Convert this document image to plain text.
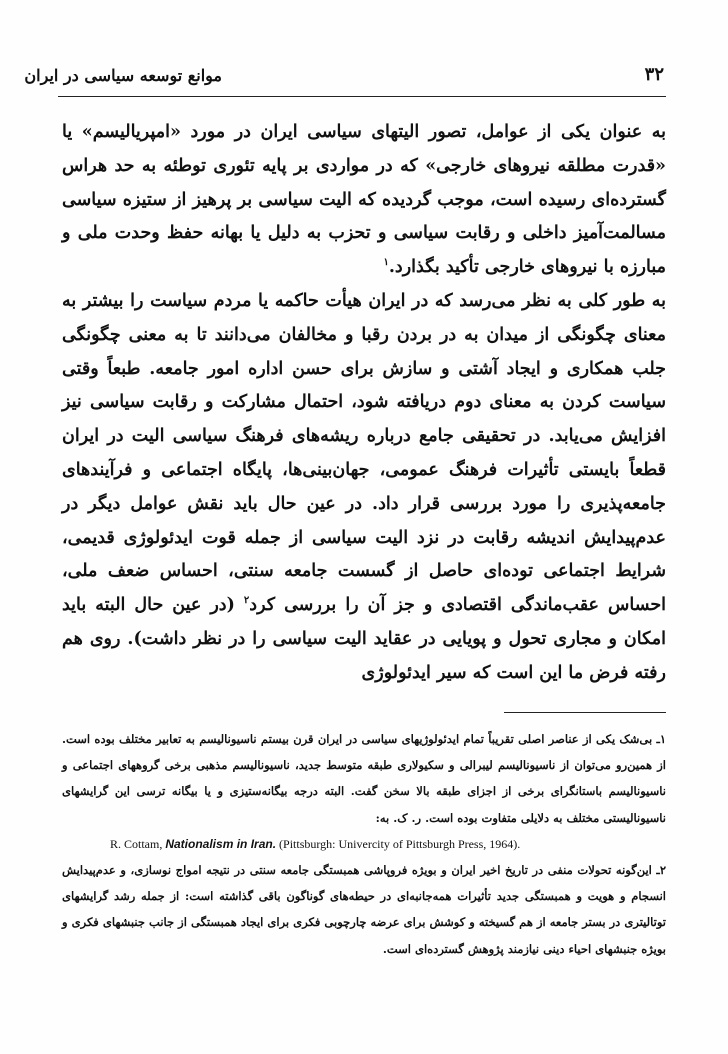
۳۲
موانع توسعه سیاسی در ایران

به عنوان یکی از عوامل، تصور الیتهای سیاسی ایران در مورد «امپریالیسم» یا «قدرت مطلقه نیروهای خارجی» که در مواردی بر پایه تئوری توطئه به حد هراس گسترده‌ای رسیده است، موجب گردیده که الیت سیاسی بر پرهیز از ستیزه سیاسی مسالمت‌آمیز داخلی و رقابت سیاسی و تحزب به دلیل یا بهانه حفظ وحدت ملی و مبارزه با نیروهای خارجی تأکید بگذارد.$^۱$

به طور کلی به نظر می‌رسد که در ایران هیأت حاکمه یا مردم سیاست را بیشتر به معنای چگونگی از میدان به در بردن رقبا و مخالفان می‌دانند تا به معنی چگونگی جلب همکاری و ایجاد آشتی و سازش برای حسن اداره امور جامعه. طبعاً وقتی سیاست کردن به معنای دوم دریافته شود، احتمال مشارکت و رقابت سیاسی نیز افزایش می‌یابد. در تحقیقی جامع درباره ریشه‌های فرهنگ سیاسی الیت در ایران قطعاً بایستی تأثیرات فرهنگ عمومی، جهان‌بینی‌ها، پایگاه اجتماعی و فرآیندهای جامعه‌پذیری را مورد بررسی قرار داد. در عین حال باید نقش عوامل دیگر در عدم‌پیدایش اندیشه رقابت در نزد الیت سیاسی از جمله قوت ایدئولوژی قدیمی، شرایط اجتماعی توده‌ای حاصل از گسست جامعه سنتی، احساس ضعف ملی، احساس عقب‌ماندگی اقتصادی و جز آن را بررسی کرد$^۲$ (در عین حال البته باید امکان و مجاری تحول و پویایی در عقاید الیت سیاسی را در نظر داشت). روی هم رفته فرض ما این است که سیر ایدئولوژی

۱ـ بی‌شک یکی از عناصر اصلی تقریباً تمام ایدئولوژیهای سیاسی در ایران قرن بیستم ناسیونالیسم به تعابیر مختلف بوده است. از همین‌رو می‌توان از ناسیونالیسم لیبرالی و سکیولاری طبقه متوسط جدید، ناسیونالیسم مذهبی برخی گروههای اجتماعی و ناسیونالیسم باستانگرای برخی از اجزای طبقه بالا سخن گفت. البته درجه بیگانه‌ستیزی و یا بیگانه ترسی این گرایشهای ناسیونالیستی مختلف به دلایلی متفاوت بوده است. ر. ک. به:

R. Cottam, Nationalism in Iran. (Pittsburgh: Univercity of Pittsburgh Press, 1964).

۲ـ این‌گونه تحولات منفی در تاریخ اخیر ایران و بویژه فروپاشی همبستگی جامعه سنتی در نتیجه امواج نوسازی، و عدم‌پیدایش انسجام و هویت و همبستگی جدید تأثیرات همه‌جانبه‌ای در حیطه‌های گوناگون باقی گذاشته است: از جمله رشد گرایشهای توتالیتری در بستر جامعه از هم گسیخته و کوشش برای عرضه چارچوبی فکری برای ایجاد همبستگی از جانب جنبشهای فکری و بویژه جنبشهای احیاء دینی نیازمند پژوهش گسترده‌ای است.
